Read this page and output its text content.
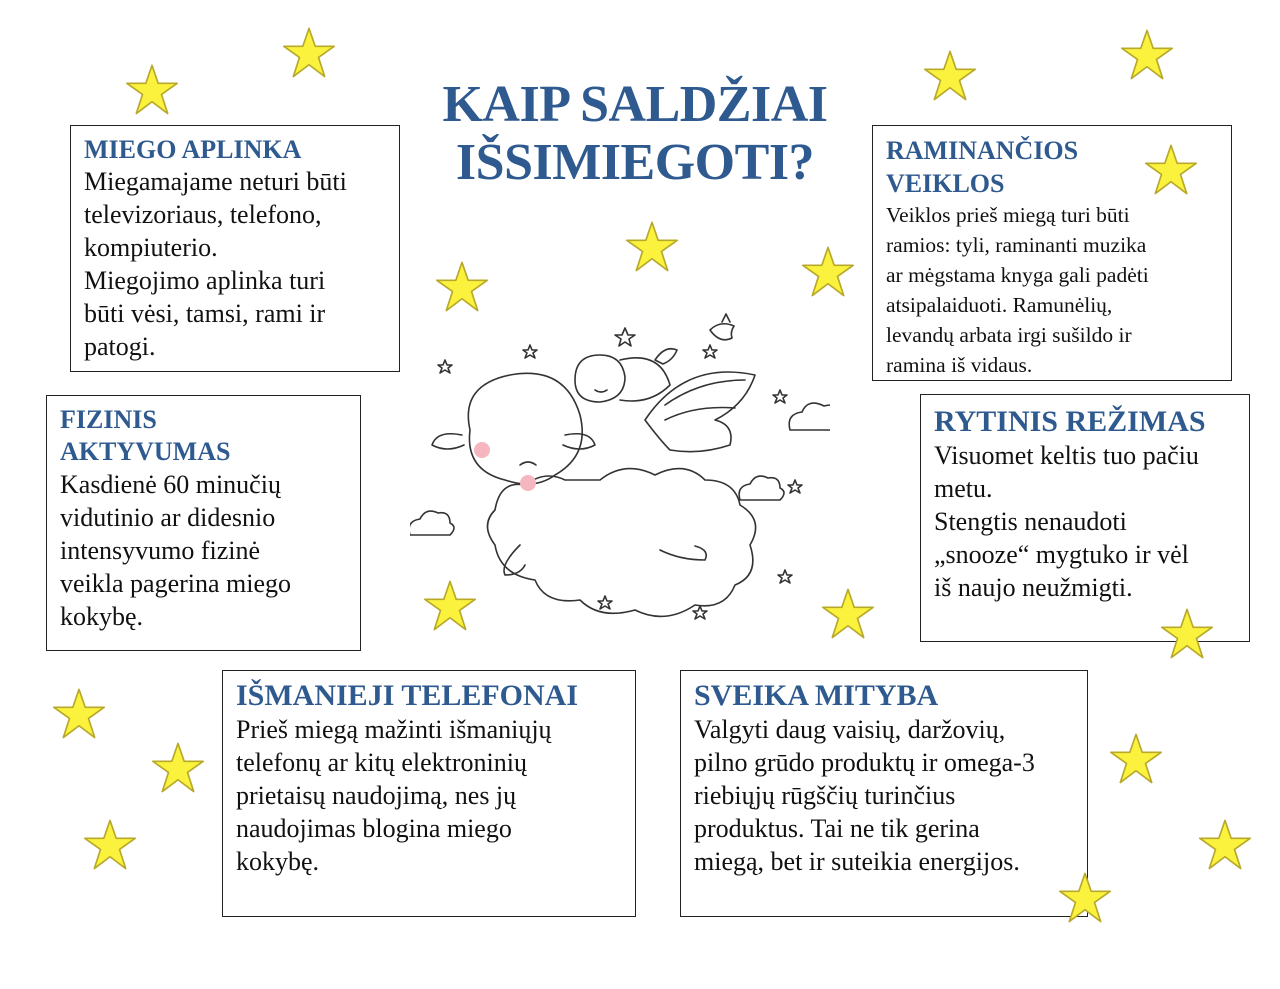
KAIP SALDŽIAI
IŠSIMIEGOTI?
MIEGO APLINKA

Miegamajame neturi būti
televizoriaus, telefono,
kompiuterio.
Miegojimo aplinka turi
būti vėsi, tamsi, rami ir
patogi.

RAMINANČIOS
VEIKLOS

Veiklos prieš miegą turi būti
ramios: tyli, raminanti muzika
ar mėgstama knyga gali padėti
atsipalaiduoti. Ramunėlių,
levandų arbata irgi sušildo ir
ramina iš vidaus.

FIZINIS
AKTYVUMAS

Kasdienė 60 minučių
vidutinio ar didesnio
intensyvumo fizinė
veikla pagerina miego
kokybę.

RYTINIS REŽIMAS

Visuomet keltis tuo pačiu
metu.
Stengtis nenaudoti
„snooze“ mygtuko ir vėl
iš naujo neužmigti.

IŠMANIEJI TELEFONAI

Prieš miegą mažinti išmaniųjų
telefonų ar kitų elektroninių
prietaisų naudojimą, nes jų
naudojimas blogina miego
kokybę.

SVEIKA MITYBA

Valgyti daug vaisių, daržovių,
pilno grūdo produktų ir omega-3
riebiųjų rūgščių turinčius
produktus. Tai ne tik gerina
miegą, bet ir suteikia energijos.
